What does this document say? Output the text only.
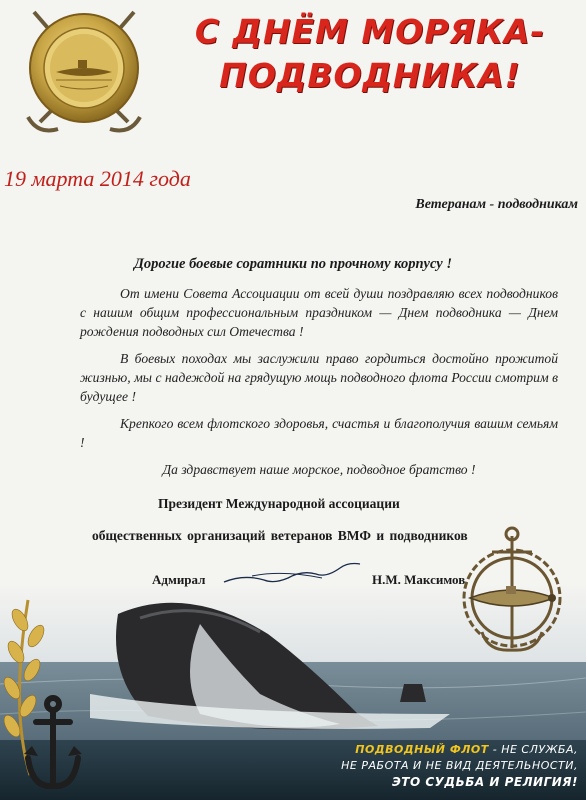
С ДНЁМ МОРЯКА-
ПОДВОДНИКА!
19 марта 2014 года
Ветеранам - подводникам
Дорогие боевые соратники по прочному корпусу !

От имени Совета Ассоциации от всей души поздравляю всех подводников с нашим общим профессиональным праздником — Днем подводника — Днем рождения подводных сил Отечества !

В боевых походах мы заслужили право гордиться достойно прожитой жизнью, мы с надеждой на грядущую мощь подводного флота России смотрим в будущее !

Крепкого всем флотского здоровья, счастья и благополучия вашим семьям !

Да здравствует наше морское, подводное братство !

Президент Международной ассоциации
общественных организаций ветеранов ВМФ и подводников
Адмирал	Н.М. Максимов
ПОДВОДНЫЙ ФЛОТ - НЕ СЛУЖБА,
НЕ РАБОТА И НЕ ВИД ДЕЯТЕЛЬНОСТИ,
ЭТО СУДЬБА И РЕЛИГИЯ!
